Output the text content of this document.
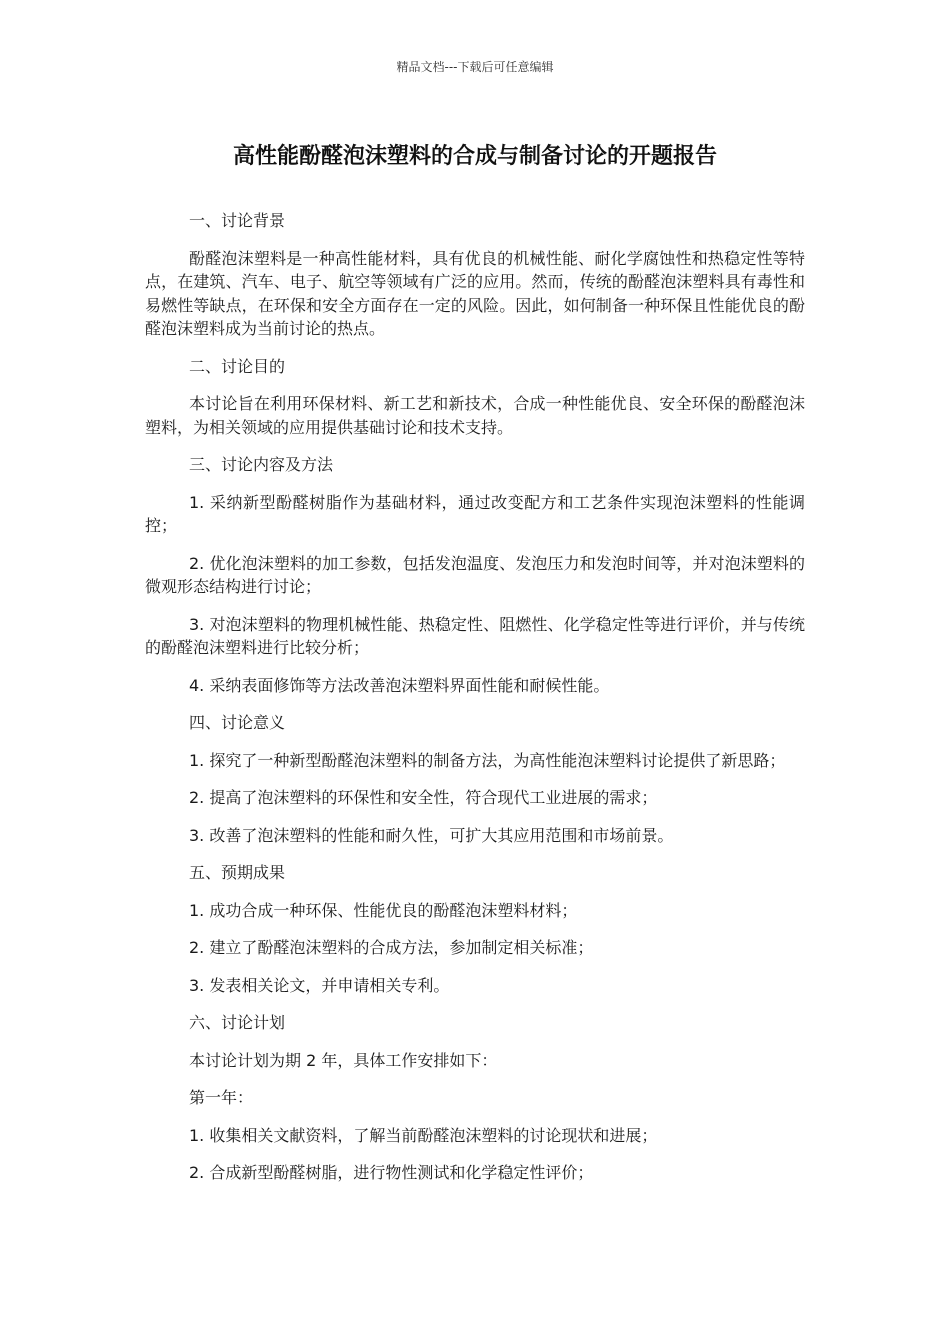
精品文档---下载后可任意编辑
高性能酚醛泡沫塑料的合成与制备讨论的开题报告

一、讨论背景

酚醛泡沫塑料是一种高性能材料，具有优良的机械性能、耐化学腐蚀性和热稳定性等特点，在建筑、汽车、电子、航空等领域有广泛的应用。然而，传统的酚醛泡沫塑料具有毒性和易燃性等缺点，在环保和安全方面存在一定的风险。因此，如何制备一种环保且性能优良的酚醛泡沫塑料成为当前讨论的热点。

二、讨论目的

本讨论旨在利用环保材料、新工艺和新技术，合成一种性能优良、安全环保的酚醛泡沫塑料，为相关领域的应用提供基础讨论和技术支持。

三、讨论内容及方法

1. 采纳新型酚醛树脂作为基础材料，通过改变配方和工艺条件实现泡沫塑料的性能调控；

2. 优化泡沫塑料的加工参数，包括发泡温度、发泡压力和发泡时间等，并对泡沫塑料的微观形态结构进行讨论；

3. 对泡沫塑料的物理机械性能、热稳定性、阻燃性、化学稳定性等进行评价，并与传统的酚醛泡沫塑料进行比较分析；

4. 采纳表面修饰等方法改善泡沫塑料界面性能和耐候性能。

四、讨论意义

1. 探究了一种新型酚醛泡沫塑料的制备方法，为高性能泡沫塑料讨论提供了新思路；

2. 提高了泡沫塑料的环保性和安全性，符合现代工业进展的需求；

3. 改善了泡沫塑料的性能和耐久性，可扩大其应用范围和市场前景。

五、预期成果

1. 成功合成一种环保、性能优良的酚醛泡沫塑料材料；

2. 建立了酚醛泡沫塑料的合成方法，参加制定相关标准；

3. 发表相关论文，并申请相关专利。

六、讨论计划

本讨论计划为期 2 年，具体工作安排如下：

第一年：

1. 收集相关文献资料，了解当前酚醛泡沫塑料的讨论现状和进展；

2. 合成新型酚醛树脂，进行物性测试和化学稳定性评价；
